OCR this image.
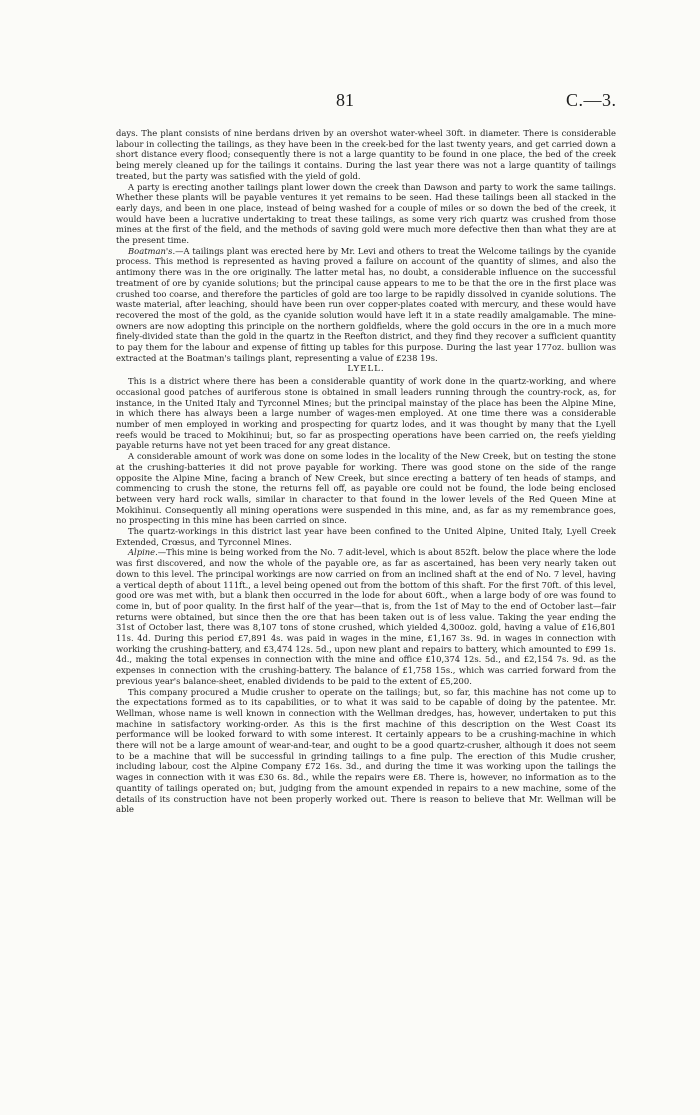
81	C.—3.

days. The plant consists of nine berdans driven by an overshot water-wheel 30ft. in diameter. There is considerable labour in collecting the tailings, as they have been in the creek-bed for the last twenty years, and get carried down a short distance every flood; consequently there is not a large quantity to be found in one place, the bed of the creek being merely cleaned up for the tailings it contains. During the last year there was not a large quantity of tailings treated, but the party was satisfied with the yield of gold.

A party is erecting another tailings plant lower down the creek than Dawson and party to work the same tailings. Whether these plants will be payable ventures it yet remains to be seen. Had these tailings been all stacked in the early days, and been in one place, instead of being washed for a couple of miles or so down the bed of the creek, it would have been a lucrative undertaking to treat these tailings, as some very rich quartz was crushed from those mines at the first of the field, and the methods of saving gold were much more defective then than what they are at the present time.

Boatman's.—A tailings plant was erected here by Mr. Levi and others to treat the Welcome tailings by the cyanide process. This method is represented as having proved a failure on account of the quantity of slimes, and also the antimony there was in the ore originally. The latter metal has, no doubt, a considerable influence on the successful treatment of ore by cyanide solutions; but the principal cause appears to me to be that the ore in the first place was crushed too coarse, and therefore the particles of gold are too large to be rapidly dissolved in cyanide solutions. The waste material, after leaching, should have been run over copper-plates coated with mercury, and these would have recovered the most of the gold, as the cyanide solution would have left it in a state readily amalgamable. The mine-owners are now adopting this principle on the northern goldfields, where the gold occurs in the ore in a much more finely-divided state than the gold in the quartz in the Reefton district, and they find they recover a sufficient quantity to pay them for the labour and expense of fitting up tables for this purpose. During the last year 177oz. bullion was extracted at the Boatman's tailings plant, representing a value of £238 19s.

LYELL.

This is a district where there has been a considerable quantity of work done in the quartz-working, and where occasional good patches of auriferous stone is obtained in small leaders running through the country-rock, as, for instance, in the United Italy and Tyrconnel Mines; but the principal mainstay of the place has been the Alpine Mine, in which there has always been a large number of wages-men employed. At one time there was a considerable number of men employed in working and prospecting for quartz lodes, and it was thought by many that the Lyell reefs would be traced to Mokihinui; but, so far as prospecting operations have been carried on, the reefs yielding payable returns have not yet been traced for any great distance.

A considerable amount of work was done on some lodes in the locality of the New Creek, but on testing the stone at the crushing-batteries it did not prove payable for working. There was good stone on the side of the range opposite the Alpine Mine, facing a branch of New Creek, but since erecting a battery of ten heads of stamps, and commencing to crush the stone, the returns fell off, as payable ore could not be found, the lode being enclosed between very hard rock walls, similar in character to that found in the lower levels of the Red Queen Mine at Mokihinui. Consequently all mining operations were suspended in this mine, and, as far as my remembrance goes, no prospecting in this mine has been carried on since.

The quartz-workings in this district last year have been confined to the United Alpine, United Italy, Lyell Creek Extended, Crœsus, and Tyrconnel Mines.

Alpine.—This mine is being worked from the No. 7 adit-level, which is about 852ft. below the place where the lode was first discovered, and now the whole of the payable ore, as far as ascertained, has been very nearly taken out down to this level. The principal workings are now carried on from an inclined shaft at the end of No. 7 level, having a vertical depth of about 111ft., a level being opened out from the bottom of this shaft. For the first 70ft. of this level, good ore was met with, but a blank then occurred in the lode for about 60ft., when a large body of ore was found to come in, but of poor quality. In the first half of the year—that is, from the 1st of May to the end of October last—fair returns were obtained, but since then the ore that has been taken out is of less value. Taking the year ending the 31st of October last, there was 8,107 tons of stone crushed, which yielded 4,300oz. gold, having a value of £16,801 11s. 4d. During this period £7,891 4s. was paid in wages in the mine, £1,167 3s. 9d. in wages in connection with working the crushing-battery, and £3,474 12s. 5d., upon new plant and repairs to battery, which amounted to £99 1s. 4d., making the total expenses in connection with the mine and office £10,374 12s. 5d., and £2,154 7s. 9d. as the expenses in connection with the crushing-battery. The balance of £1,758 15s., which was carried forward from the previous year's balance-sheet, enabled dividends to be paid to the extent of £5,200.

This company procured a Mudie crusher to operate on the tailings; but, so far, this machine has not come up to the expectations formed as to its capabilities, or to what it was said to be capable of doing by the patentee. Mr. Wellman, whose name is well known in connection with the Wellman dredges, has, however, undertaken to put this machine in satisfactory working-order. As this is the first machine of this description on the West Coast its performance will be looked forward to with some interest. It certainly appears to be a crushing-machine in which there will not be a large amount of wear-and-tear, and ought to be a good quartz-crusher, although it does not seem to be a machine that will be successful in grinding tailings to a fine pulp. The erection of this Mudie crusher, including labour, cost the Alpine Company £72 16s. 3d., and during the time it was working upon the tailings the wages in connection with it was £30 6s. 8d., while the repairs were £8. There is, however, no information as to the quantity of tailings operated on; but, judging from the amount expended in repairs to a new machine, some of the details of its construction have not been properly worked out. There is reason to believe that Mr. Wellman will be able
